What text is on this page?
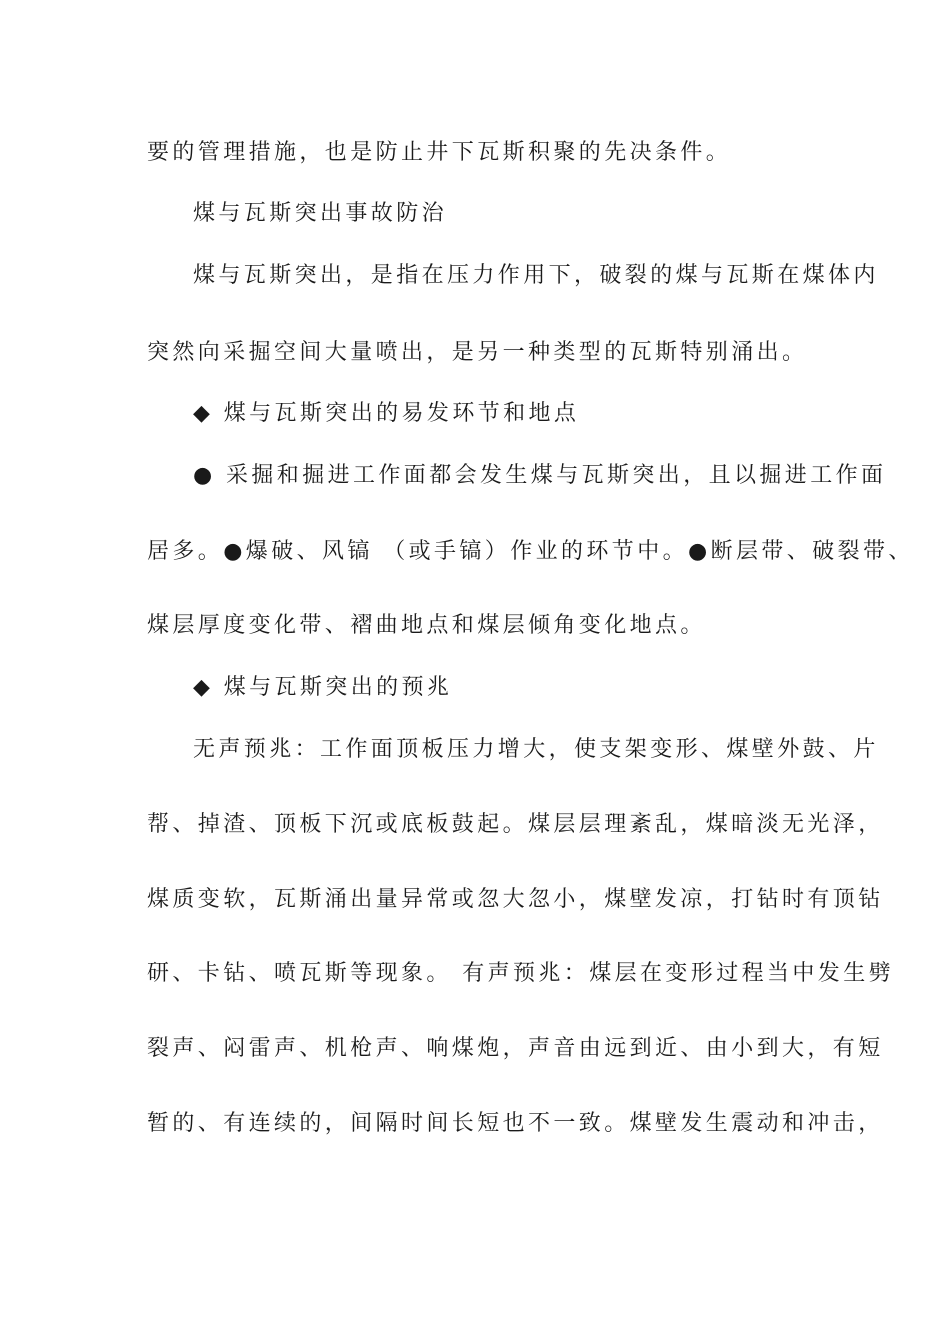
要的管理措施，也是防止井下瓦斯积聚的先决条件。
煤与瓦斯突出事故防治
煤与瓦斯突出，是指在压力作用下，破裂的煤与瓦斯在煤体内
突然向采掘空间大量喷出，是另一种类型的瓦斯特别涌出。
◆ 煤与瓦斯突出的易发环节和地点
● 采掘和掘进工作面都会发生煤与瓦斯突出，且以掘进工作面
居多。●爆破、风镐 （或手镐）作业的环节中。●断层带、破裂带、
煤层厚度变化带、褶曲地点和煤层倾角变化地点。
◆ 煤与瓦斯突出的预兆
无声预兆：工作面顶板压力增大，使支架变形、煤壁外鼓、片
帮、掉渣、顶板下沉或底板鼓起。煤层层理紊乱，煤暗淡无光泽，
煤质变软，瓦斯涌出量异常或忽大忽小，煤壁发凉，打钻时有顶钻
研、卡钻、喷瓦斯等现象。 有声预兆：煤层在变形过程当中发生劈
裂声、闷雷声、机枪声、响煤炮，声音由远到近、由小到大，有短
暂的、有连续的，间隔时间长短也不一致。煤壁发生震动和冲击，
